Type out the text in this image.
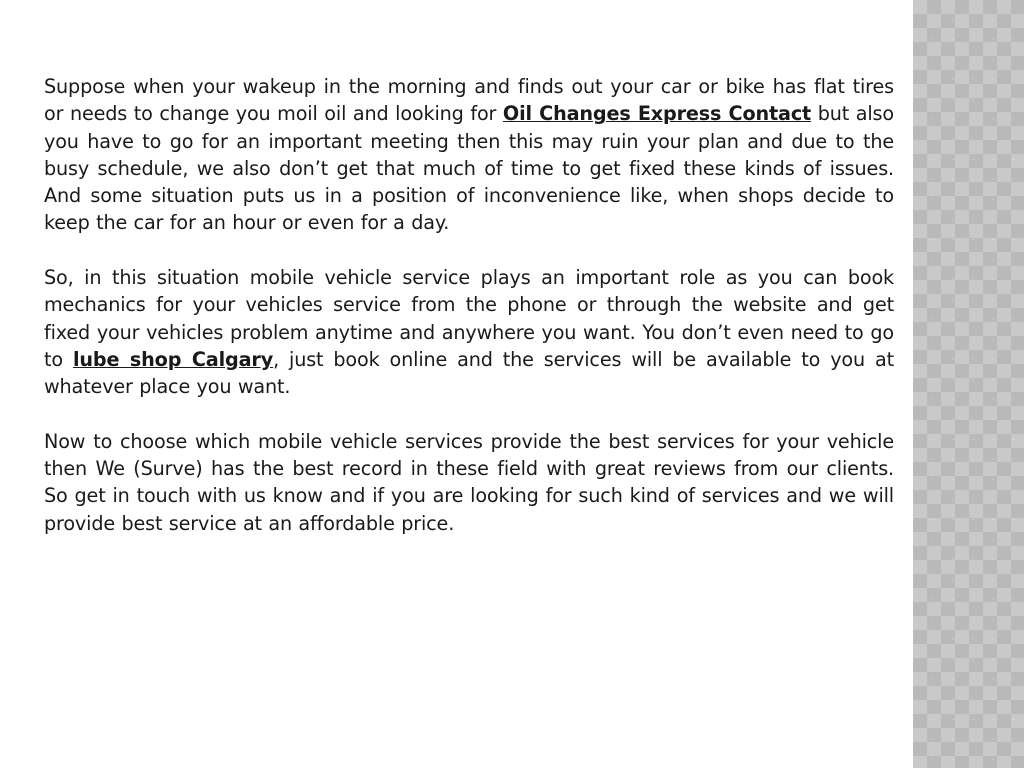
Suppose when your wakeup in the morning and finds out your car or bike has flat tires or needs to change you moil oil and looking for Oil Changes Express Contact but also you have to go for an important meeting then this may ruin your plan and due to the busy schedule, we also don’t get that much of time to get fixed these kinds of issues. And some situation puts us in a position of inconvenience like, when shops decide to keep the car for an hour or even for a day.

So, in this situation mobile vehicle service plays an important role as you can book mechanics for your vehicles service from the phone or through the website and get fixed your vehicles problem anytime and anywhere you want. You don’t even need to go to lube shop Calgary, just book online and the services will be available to you at whatever place you want.

Now to choose which mobile vehicle services provide the best services for your vehicle then We (Surve) has the best record in these field with great reviews from our clients. So get in touch with us know and if you are looking for such kind of services and we will provide best service at an affordable price.
